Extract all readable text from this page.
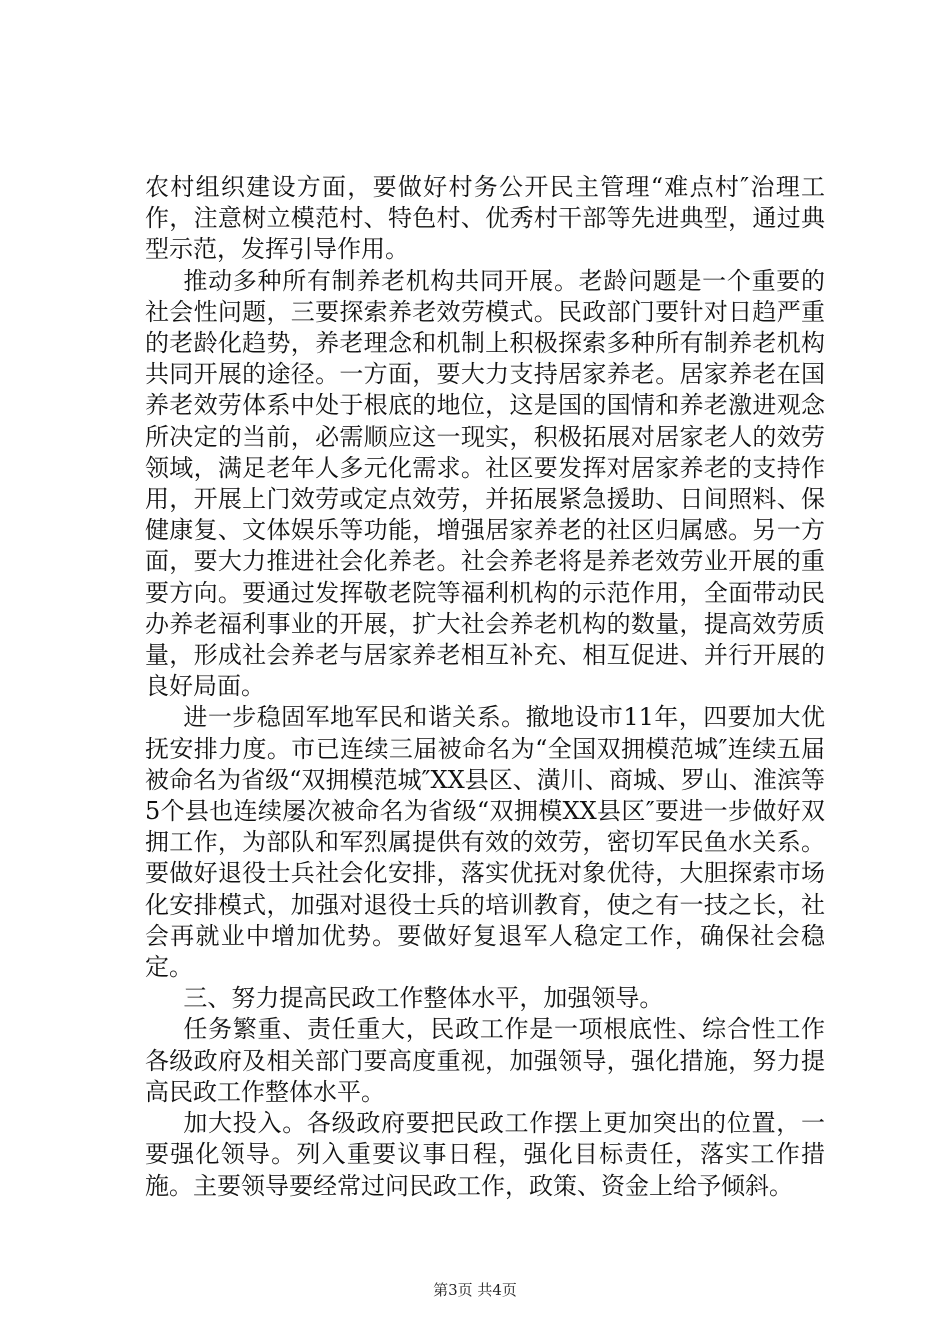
农村组织建设方面，要做好村务公开民主管理“难点村″治理工作，注意树立模范村、特色村、优秀村干部等先进典型，通过典型示范，发挥引导作用。

推动多种所有制养老机构共同开展。老龄问题是一个重要的社会性问题，三要探索养老效劳模式。民政部门要针对日趋严重的老龄化趋势，养老理念和机制上积极探索多种所有制养老机构共同开展的途径。一方面，要大力支持居家养老。居家养老在国养老效劳体系中处于根底的地位，这是国的国情和养老激进观念所决定的当前，必需顺应这一现实，积极拓展对居家老人的效劳领域，满足老年人多元化需求。社区要发挥对居家养老的支持作用，开展上门效劳或定点效劳，并拓展紧急援助、日间照料、保健康复、文体娱乐等功能，增强居家养老的社区归属感。另一方面，要大力推进社会化养老。社会养老将是养老效劳业开展的重要方向。要通过发挥敬老院等福利机构的示范作用，全面带动民办养老福利事业的开展，扩大社会养老机构的数量，提高效劳质量，形成社会养老与居家养老相互补充、相互促进、并行开展的良好局面。

进一步稳固军地军民和谐关系。撤地设市11年，四要加大优抚安排力度。市已连续三届被命名为“全国双拥模范城″连续五届被命名为省级“双拥模范城″XX县区、潢川、商城、罗山、淮滨等5个县也连续屡次被命名为省级“双拥模XX县区″要进一步做好双拥工作，为部队和军烈属提供有效的效劳，密切军民鱼水关系。要做好退役士兵社会化安排，落实优抚对象优待，大胆探索市场化安排模式，加强对退役士兵的培训教育，使之有一技之长，社会再就业中增加优势。要做好复退军人稳定工作，确保社会稳定。

三、努力提高民政工作整体水平，加强领导。

任务繁重、责任重大，民政工作是一项根底性、综合性工作各级政府及相关部门要高度重视，加强领导，强化措施，努力提高民政工作整体水平。

加大投入。各级政府要把民政工作摆上更加突出的位置，一要强化领导。列入重要议事日程，强化目标责任，落实工作措施。主要领导要经常过问民政工作，政策、资金上给予倾斜。

第3页 共4页
